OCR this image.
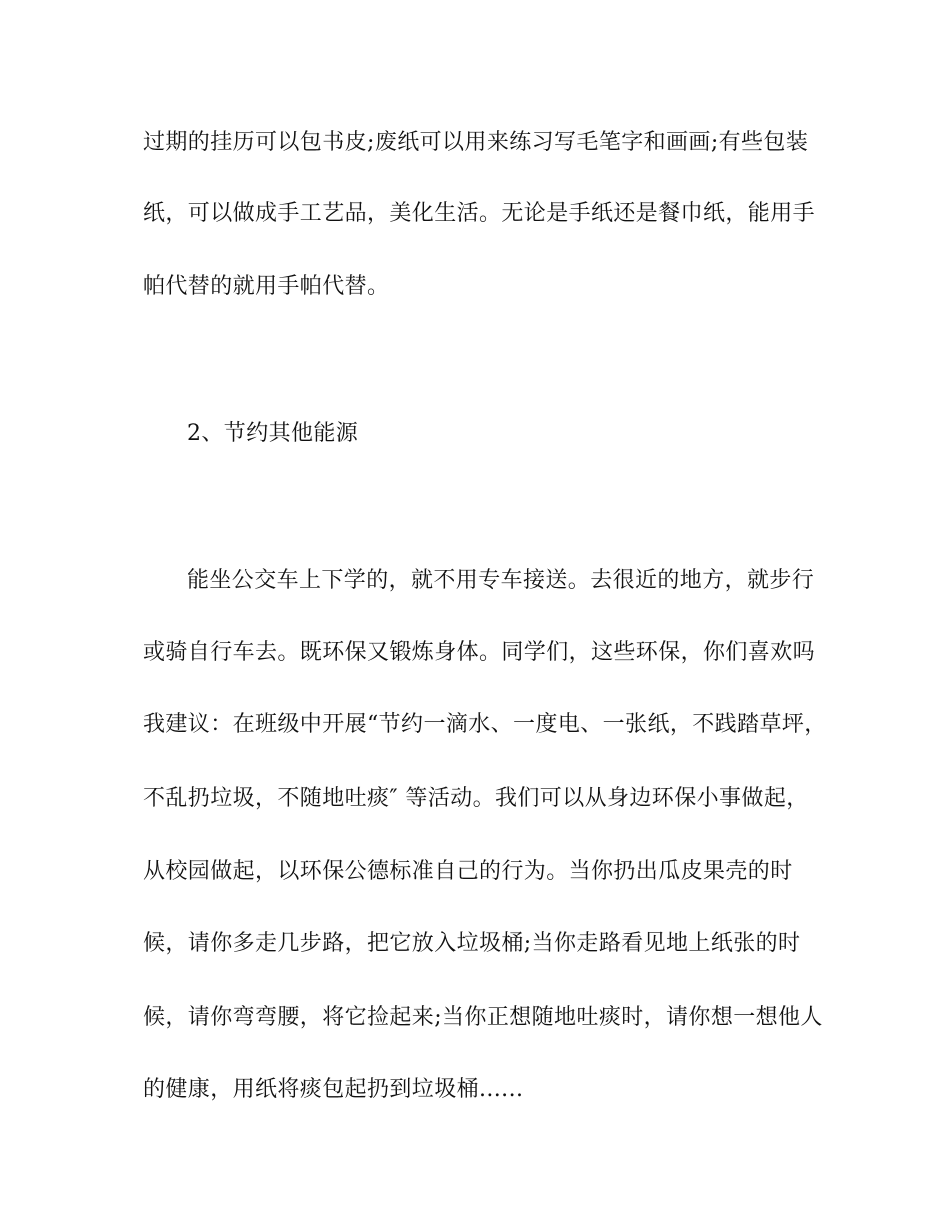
过期的挂历可以包书皮;废纸可以用来练习写毛笔字和画画;有些包装
纸，可以做成手工艺品，美化生活。无论是手纸还是餐巾纸，能用手
帕代替的就用手帕代替。
2、节约其他能源
能坐公交车上下学的，就不用专车接送。去很近的地方，就步行
或骑自行车去。既环保又锻炼身体。同学们，这些环保，你们喜欢吗
我建议：在班级中开展“节约一滴水、一度电、一张纸，不践踏草坪，
不乱扔垃圾，不随地吐痰″ 等活动。我们可以从身边环保小事做起，
从校园做起，以环保公德标准自己的行为。当你扔出瓜皮果壳的时
候，请你多走几步路，把它放入垃圾桶;当你走路看见地上纸张的时
候，请你弯弯腰，将它捡起来;当你正想随地吐痰时，请你想一想他人
的健康，用纸将痰包起扔到垃圾桶......
